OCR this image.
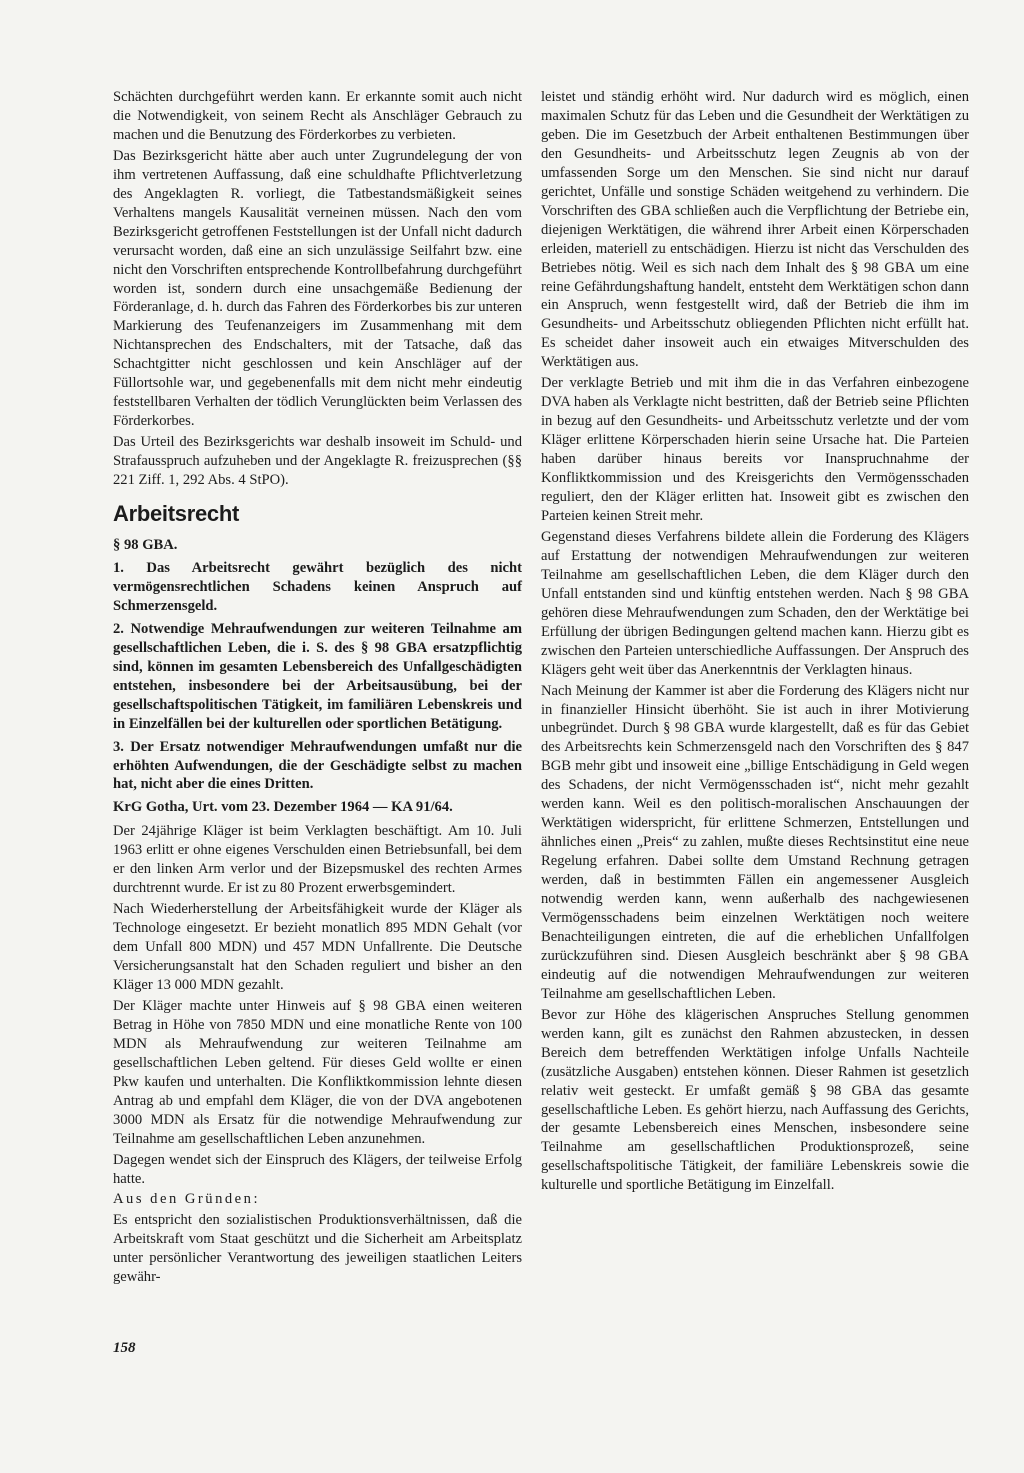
Schächten durchgeführt werden kann. Er erkannte somit auch nicht die Notwendigkeit, von seinem Recht als Anschläger Gebrauch zu machen und die Benutzung des Förderkorbes zu verbieten.

Das Bezirksgericht hätte aber auch unter Zugrundelegung der von ihm vertretenen Auffassung, daß eine schuldhafte Pflichtverletzung des Angeklagten R. vorliegt, die Tatbestandsmäßigkeit seines Verhaltens mangels Kausalität verneinen müssen. Nach den vom Bezirksgericht getroffenen Feststellungen ist der Unfall nicht dadurch verursacht worden, daß eine an sich unzulässige Seilfahrt bzw. eine nicht den Vorschriften entsprechende Kontrollbefahrung durchgeführt worden ist, sondern durch eine unsachgemäße Bedienung der Förderanlage, d. h. durch das Fahren des Förderkorbes bis zur unteren Markierung des Teufenanzeigers im Zusammenhang mit dem Nichtansprechen des Endschalters, mit der Tatsache, daß das Schachtgitter nicht geschlossen und kein Anschläger auf der Füllortsohle war, und gegebenenfalls mit dem nicht mehr eindeutig feststellbaren Verhalten der tödlich Verunglückten beim Verlassen des Förderkorbes.

Das Urteil des Bezirksgerichts war deshalb insoweit im Schuld- und Strafausspruch aufzuheben und der Angeklagte R. freizusprechen (§§ 221 Ziff. 1, 292 Abs. 4 StPO).

Arbeitsrecht

§ 98 GBA.

1. Das Arbeitsrecht gewährt bezüglich des nicht vermögensrechtlichen Schadens keinen Anspruch auf Schmerzensgeld.

2. Notwendige Mehraufwendungen zur weiteren Teilnahme am gesellschaftlichen Leben, die i. S. des § 98 GBA ersatzpflichtig sind, können im gesamten Lebensbereich des Unfallgeschädigten entstehen, insbesondere bei der Arbeitsausübung, bei der gesellschaftspolitischen Tätigkeit, im familiären Lebenskreis und in Einzelfällen bei der kulturellen oder sportlichen Betätigung.

3. Der Ersatz notwendiger Mehraufwendungen umfaßt nur die erhöhten Aufwendungen, die der Geschädigte selbst zu machen hat, nicht aber die eines Dritten.

KrG Gotha, Urt. vom 23. Dezember 1964 — KA 91/64.

Der 24jährige Kläger ist beim Verklagten beschäftigt. Am 10. Juli 1963 erlitt er ohne eigenes Verschulden einen Betriebsunfall, bei dem er den linken Arm verlor und der Bizepsmuskel des rechten Armes durchtrennt wurde. Er ist zu 80 Prozent erwerbsgemindert.

Nach Wiederherstellung der Arbeitsfähigkeit wurde der Kläger als Technologe eingesetzt. Er bezieht monatlich 895 MDN Gehalt (vor dem Unfall 800 MDN) und 457 MDN Unfallrente. Die Deutsche Versicherungsanstalt hat den Schaden reguliert und bisher an den Kläger 13 000 MDN gezahlt.

Der Kläger machte unter Hinweis auf § 98 GBA einen weiteren Betrag in Höhe von 7850 MDN und eine monatliche Rente von 100 MDN als Mehraufwendung zur weiteren Teilnahme am gesellschaftlichen Leben geltend. Für dieses Geld wollte er einen Pkw kaufen und unterhalten. Die Konfliktkommission lehnte diesen Antrag ab und empfahl dem Kläger, die von der DVA angebotenen 3000 MDN als Ersatz für die notwendige Mehraufwendung zur Teilnahme am gesellschaftlichen Leben anzunehmen.

Dagegen wendet sich der Einspruch des Klägers, der teilweise Erfolg hatte.

Aus den Gründen:

Es entspricht den sozialistischen Produktionsverhältnissen, daß die Arbeitskraft vom Staat geschützt und die Sicherheit am Arbeitsplatz unter persönlicher Verantwortung des jeweiligen staatlichen Leiters gewähr-

leistet und ständig erhöht wird. Nur dadurch wird es möglich, einen maximalen Schutz für das Leben und die Gesundheit der Werktätigen zu geben. Die im Gesetzbuch der Arbeit enthaltenen Bestimmungen über den Gesundheits- und Arbeitsschutz legen Zeugnis ab von der umfassenden Sorge um den Menschen. Sie sind nicht nur darauf gerichtet, Unfälle und sonstige Schäden weitgehend zu verhindern. Die Vorschriften des GBA schließen auch die Verpflichtung der Betriebe ein, diejenigen Werktätigen, die während ihrer Arbeit einen Körperschaden erleiden, materiell zu entschädigen. Hierzu ist nicht das Verschulden des Betriebes nötig. Weil es sich nach dem Inhalt des § 98 GBA um eine reine Gefährdungshaftung handelt, entsteht dem Werktätigen schon dann ein Anspruch, wenn festgestellt wird, daß der Betrieb die ihm im Gesundheits- und Arbeitsschutz obliegenden Pflichten nicht erfüllt hat. Es scheidet daher insoweit auch ein etwaiges Mitverschulden des Werktätigen aus.

Der verklagte Betrieb und mit ihm die in das Verfahren einbezogene DVA haben als Verklagte nicht bestritten, daß der Betrieb seine Pflichten in bezug auf den Gesundheits- und Arbeitsschutz verletzte und der vom Kläger erlittene Körperschaden hierin seine Ursache hat. Die Parteien haben darüber hinaus bereits vor Inanspruchnahme der Konfliktkommission und des Kreisgerichts den Vermögensschaden reguliert, den der Kläger erlitten hat. Insoweit gibt es zwischen den Parteien keinen Streit mehr.

Gegenstand dieses Verfahrens bildete allein die Forderung des Klägers auf Erstattung der notwendigen Mehraufwendungen zur weiteren Teilnahme am gesellschaftlichen Leben, die dem Kläger durch den Unfall entstanden sind und künftig entstehen werden. Nach § 98 GBA gehören diese Mehraufwendungen zum Schaden, den der Werktätige bei Erfüllung der übrigen Bedingungen geltend machen kann. Hierzu gibt es zwischen den Parteien unterschiedliche Auffassungen. Der Anspruch des Klägers geht weit über das Anerkenntnis der Verklagten hinaus.

Nach Meinung der Kammer ist aber die Forderung des Klägers nicht nur in finanzieller Hinsicht überhöht. Sie ist auch in ihrer Motivierung unbegründet. Durch § 98 GBA wurde klargestellt, daß es für das Gebiet des Arbeitsrechts kein Schmerzensgeld nach den Vorschriften des § 847 BGB mehr gibt und insoweit eine „billige Entschädigung in Geld wegen des Schadens, der nicht Vermögensschaden ist“, nicht mehr gezahlt werden kann. Weil es den politisch-moralischen Anschauungen der Werktätigen widerspricht, für erlittene Schmerzen, Entstellungen und ähnliches einen „Preis“ zu zahlen, mußte dieses Rechtsinstitut eine neue Regelung erfahren. Dabei sollte dem Umstand Rechnung getragen werden, daß in bestimmten Fällen ein angemessener Ausgleich notwendig werden kann, wenn außerhalb des nachgewiesenen Vermögensschadens beim einzelnen Werktätigen noch weitere Benachteiligungen eintreten, die auf die erheblichen Unfallfolgen zurückzuführen sind. Diesen Ausgleich beschränkt aber § 98 GBA eindeutig auf die notwendigen Mehraufwendungen zur weiteren Teilnahme am gesellschaftlichen Leben.

Bevor zur Höhe des klägerischen Anspruches Stellung genommen werden kann, gilt es zunächst den Rahmen abzustecken, in dessen Bereich dem betreffenden Werktätigen infolge Unfalls Nachteile (zusätzliche Ausgaben) entstehen können. Dieser Rahmen ist gesetzlich relativ weit gesteckt. Er umfaßt gemäß § 98 GBA das gesamte gesellschaftliche Leben. Es gehört hierzu, nach Auffassung des Gerichts, der gesamte Lebensbereich eines Menschen, insbesondere seine Teilnahme am gesellschaftlichen Produktionsprozeß, seine gesellschaftspolitische Tätigkeit, der familiäre Lebenskreis sowie die kulturelle und sportliche Betätigung im Einzelfall.

158
